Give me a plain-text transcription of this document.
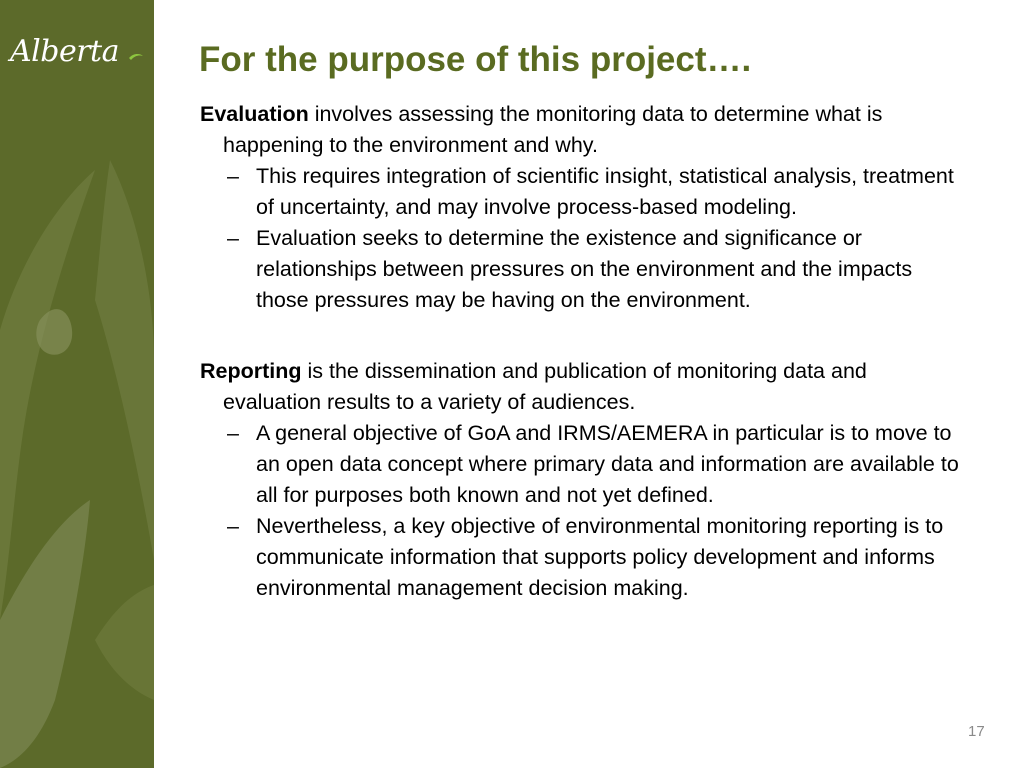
Alberta For the purpose of this project….

Evaluation involves assessing the monitoring data to determine what is happening to the environment and why.

– This requires integration of scientific insight, statistical analysis, treatment of uncertainty, and may involve process-based modeling.

– Evaluation seeks to determine the existence and significance or relationships between pressures on the environment and the impacts those pressures may be having on the environment.

Reporting is the dissemination and publication of monitoring data and evaluation results to a variety of audiences.

– A general objective of GoA and IRMS/AEMERA in particular is to move to an open data concept where primary data and information are available to all for purposes both known and not yet defined.

– Nevertheless, a key objective of environmental monitoring reporting is to communicate information that supports policy development and informs environmental management decision making.

17
